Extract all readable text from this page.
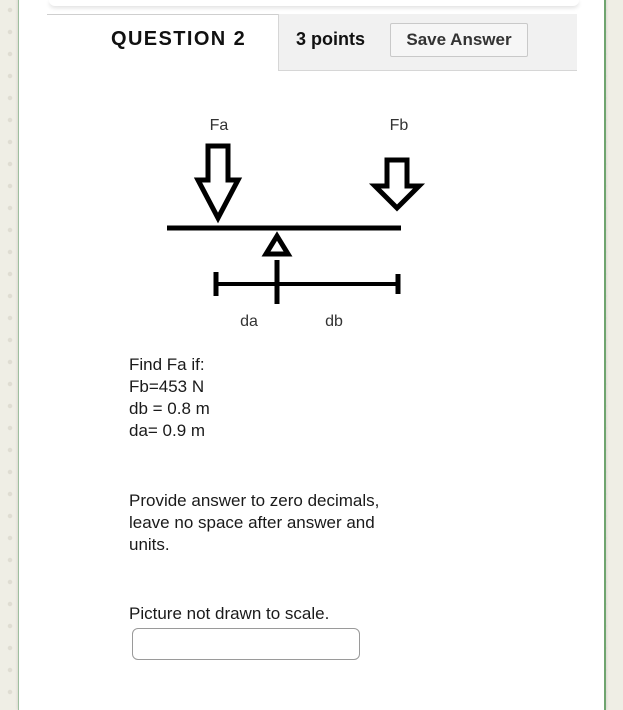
QUESTION 2	3 points	Save Answer
Fa	Fb
da	db
Find Fa if:
Fb=453 N
db = 0.8 m
da= 0.9 m
Provide answer to zero decimals,
leave no space after answer and
units.
Picture not drawn to scale.
